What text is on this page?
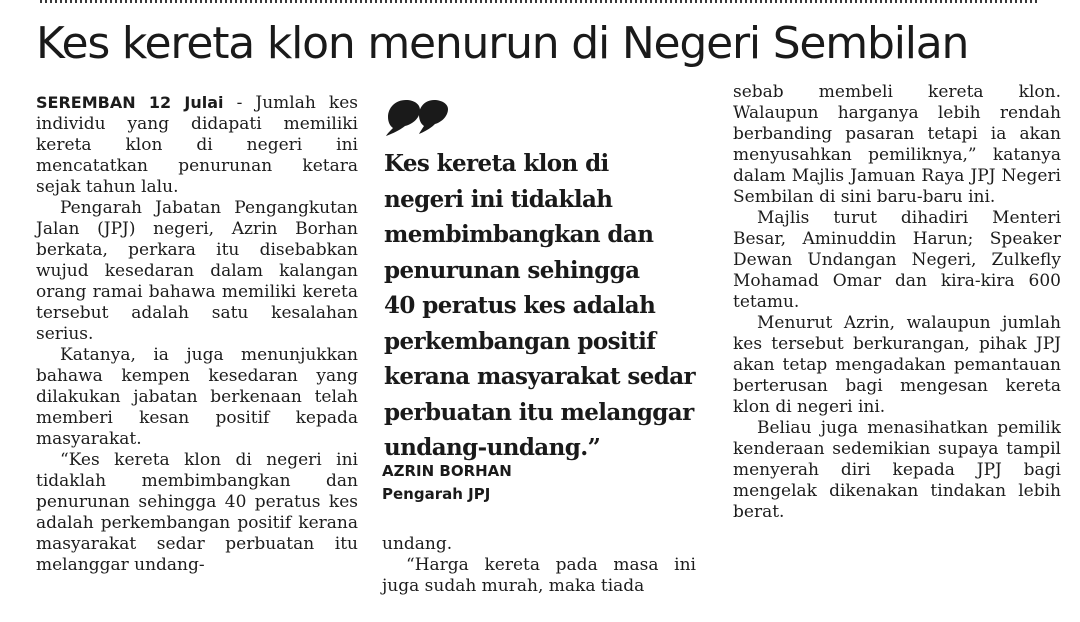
Kes kereta klon menurun di Negeri Sembilan

SEREMBAN 12 Julai - Jumlah kes individu yang didapati memiliki kereta klon di negeri ini mencatatkan penurunan ketara sejak tahun lalu.

Pengarah Jabatan Pengangkutan Jalan (JPJ) negeri, Azrin Borhan berkata, perkara itu disebabkan wujud kesedaran dalam kalangan orang ramai bahawa memiliki kereta tersebut adalah satu kesalahan serius.

Katanya, ia juga menunjukkan bahawa kempen kesedaran yang dilakukan jabatan berkenaan telah memberi kesan positif kepada masyarakat.

“Kes kereta klon di negeri ini tidaklah membimbangkan dan penurunan sehingga 40 peratus kes adalah perkembangan positif kerana masyarakat sedar perbuatan itu melanggar undang-

Kes kereta klon di
negeri ini tidaklah
membimbangkan dan
penurunan sehingga
40 peratus kes adalah
perkembangan positif
kerana masyarakat sedar
perbuatan itu melanggar
undang-undang.”
AZRIN BORHAN
Pengarah JPJ

undang.

“Harga kereta pada masa ini juga sudah murah, maka tiada

sebab membeli kereta klon. Walaupun harganya lebih rendah berbanding pasaran tetapi ia akan menyusahkan pemiliknya,” katanya dalam Majlis Jamuan Raya JPJ Negeri Sembilan di sini baru-baru ini.

Majlis turut dihadiri Menteri Besar, Aminuddin Harun; Speaker Dewan Undangan Negeri, Zulkefly Mohamad Omar dan kira-kira 600 tetamu.

Menurut Azrin, walaupun jumlah kes tersebut berkurangan, pihak JPJ akan tetap mengadakan pemantauan berterusan bagi mengesan kereta klon di negeri ini.

Beliau juga menasihatkan pemilik kenderaan sedemikian supaya tampil menyerah diri kepada JPJ bagi mengelak dikenakan tindakan lebih berat.
